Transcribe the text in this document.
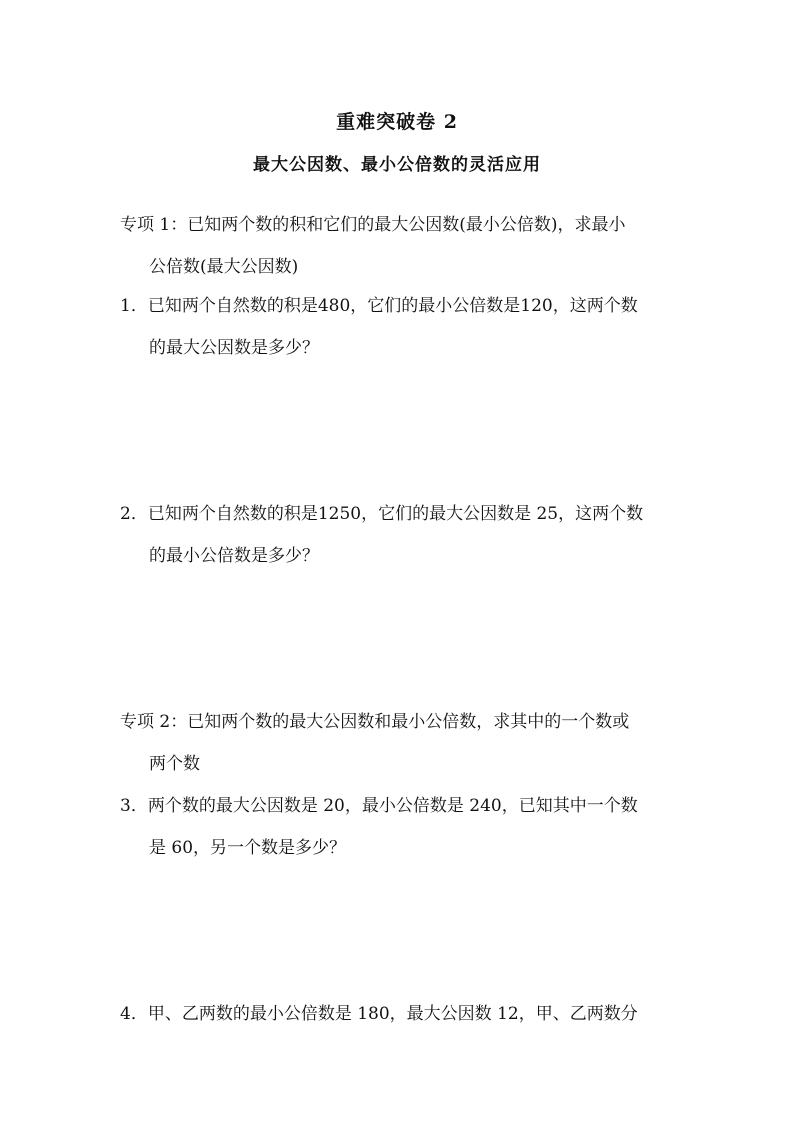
重难突破卷 2
最大公因数、最小公倍数的灵活应用
专项 1：已知两个数的积和它们的最大公因数(最小公倍数)，求最小
公倍数(最大公因数)
1．已知两个自然数的积是480，它们的最小公倍数是120，这两个数
的最大公因数是多少？
2．已知两个自然数的积是1250，它们的最大公因数是 25，这两个数
的最小公倍数是多少？
专项 2：已知两个数的最大公因数和最小公倍数，求其中的一个数或
两个数
3．两个数的最大公因数是 20，最小公倍数是 240，已知其中一个数
是 60，另一个数是多少？
4．甲、乙两数的最小公倍数是 180，最大公因数 12，甲、乙两数分
